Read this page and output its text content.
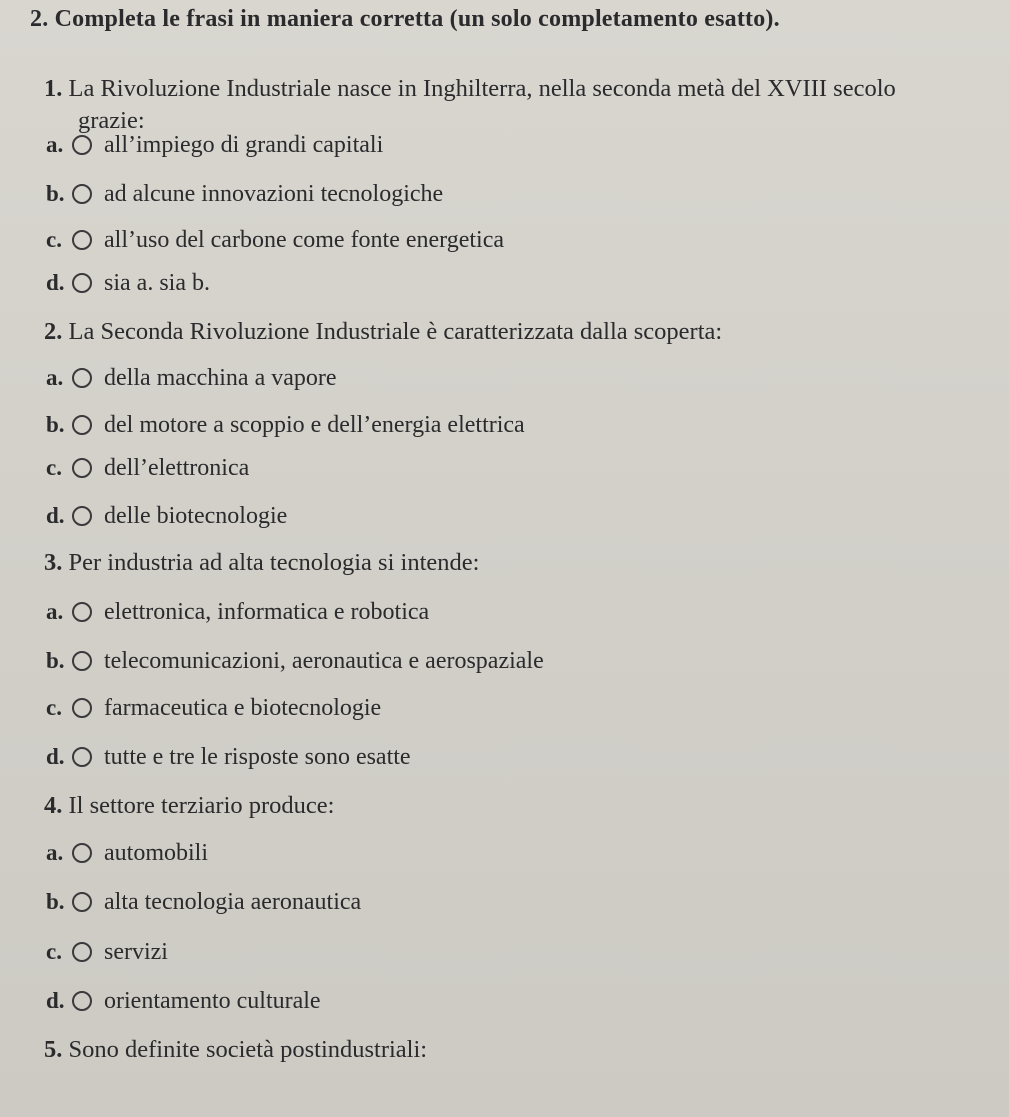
2. Completa le frasi in maniera corretta (un solo completamento esatto).
1. La Rivoluzione Industriale nasce in Inghilterra, nella seconda metà del XVIII secolo
grazie:
a. all’impiego di grandi capitali
b. ad alcune innovazioni tecnologiche
c. all’uso del carbone come fonte energetica
d. sia a. sia b.
2. La Seconda Rivoluzione Industriale è caratterizzata dalla scoperta:
a. della macchina a vapore
b. del motore a scoppio e dell’energia elettrica
c. dell’elettronica
d. delle biotecnologie
3. Per industria ad alta tecnologia si intende:
a. elettronica, informatica e robotica
b. telecomunicazioni, aeronautica e aerospaziale
c. farmaceutica e biotecnologie
d. tutte e tre le risposte sono esatte
4. Il settore terziario produce:
a. automobili
b. alta tecnologia aeronautica
c. servizi
d. orientamento culturale
5. Sono definite società postindustriali:
